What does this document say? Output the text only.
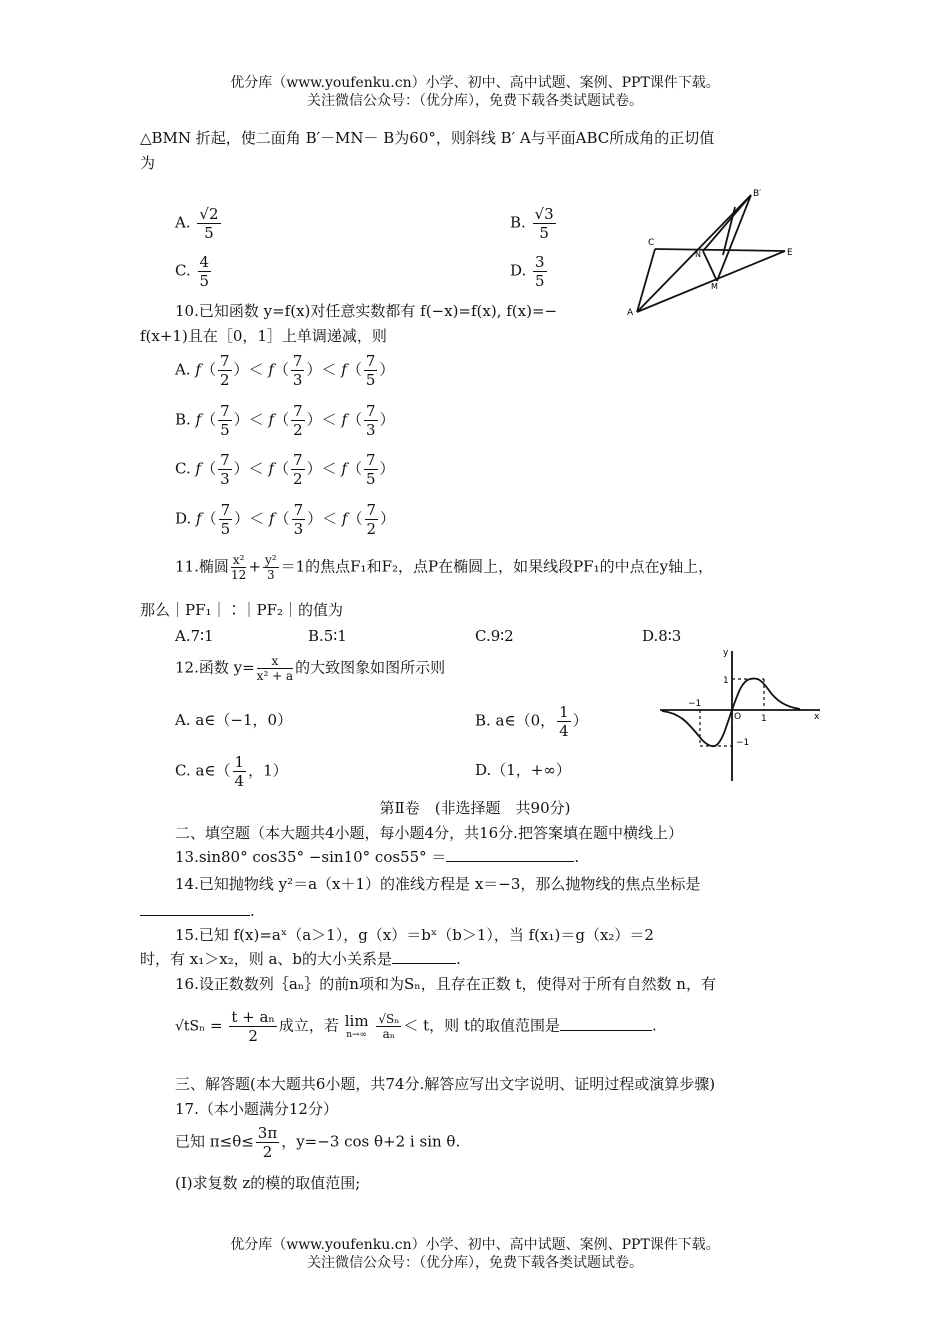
优分库（www.youfenku.cn）小学、初中、高中试题、案例、PPT课件下载。
关注微信公众号：（优分库），免费下载各类试题试卷。
△BMN 折起，使二面角 B′－MN－ B为60°，则斜线 B′ A与平面ABC所成角的正切值
为
A. $\frac{√2}{5}$	B. $\frac{√3}{5}$
C. $\frac{4}{5}$	D. $\frac{3}{5}$
A
B′
C
E
N
M
10.已知函数 y=f(x)对任意实数都有 f(−x)=f(x), f(x)=−
f(x+1)且在［0，1］上单调递减，则
A. $f( \frac{7}{2}$ ）＜ $f( \frac{7}{3}$ ）＜ $f( \frac{7}{5}$ ）
B. $f( \frac{7}{5}$ ）＜ $f( \frac{7}{2}$ ）＜ $f( \frac{7}{3}$ ）
C. $f( \frac{7}{3}$ ）＜ $f( \frac{7}{2}$ ）＜ $f( \frac{7}{5}$ ）
D. $f( \frac{7}{5}$ ）＜ $f( \frac{7}{3}$ ）＜ $f( \frac{7}{2}$ ）
11.椭圆 $\frac{\text{x²}}{12} + \frac{\text{y²}}{3} =1$的焦点F₁和F₂，点P在椭圆上，如果线段PF₁的中点在y轴上，
那么｜PF₁｜∶｜PF₂｜的值为
A.7∶1	B.5∶1	C.9∶2	D.8∶3
12.函数 $y= \frac{x}{\text{x² + a}}$ 的大致图象如图所示则
A. a∈（−1，0）	B. a∈（0， $\frac{1}{4}$ ）
C. a∈（ $\frac{1}{4}$ ，1）	D.（1，+∞）
y
x
1
−1
O 1
−1
第Ⅱ卷　(非选择题　共90分)
二、填空题（本大题共4小题，每小题4分，共16分.把答案填在题中横线上）
13.sin80° cos35° −sin10° cos55° ＝	.
14.已知抛物线 y²＝a（x＋1）的准线方程是 x＝−3，那么抛物线的焦点坐标是
.
15.已知 f(x)=aˣ（a＞1），g（x）＝bˣ（b＞1），当 f(x₁)＝g（x₂）＝2
时，有 x₁＞x₂，则 a、b的大小关系是	.
16.设正数数列｛aₙ｝的前n项和为Sₙ，且存在正数 t，使得对于所有自然数 n，有
$√tS_n = \frac{\text{t + aₙ}}{2}$ 成立，若 lim
n→∞
$\frac{\text{√Sₙ}}{\text{aₙ}} < t$，则 t的取值范围是	.
三、解答题(本大题共6小题，共74分.解答应写出文字说明、证明过程或演算步骤)
17.（本小题满分12分）
已知 $\pi\le\theta\le \frac{3\pi}{2}$ ，y=−3 cos θ+2 i sin θ.
(Ⅰ)求复数 z的模的取值范围;
优分库（www.youfenku.cn）小学、初中、高中试题、案例、PPT课件下载。
关注微信公众号：（优分库），免费下载各类试题试卷。
